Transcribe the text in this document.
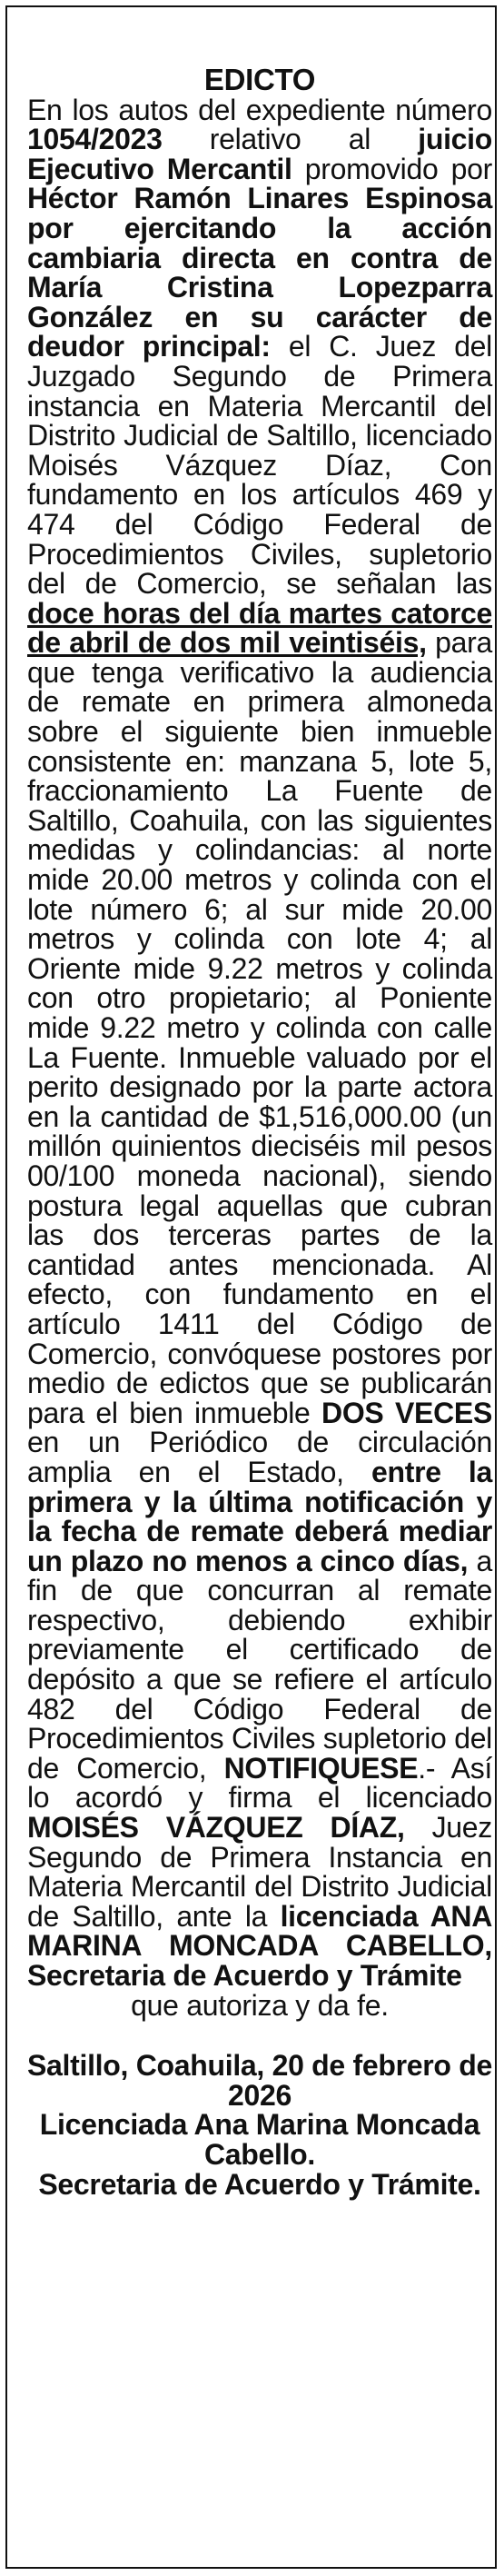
EDICTO

En los autos del expediente número 1054/2023 relativo al juicio Ejecutivo Mercantil promovido por Héctor Ramón Linares Espinosa por ejercitando la acción cambiaria directa en contra de María Cristina Lopezparra González en su carácter de deudor principal: el C. Juez del Juzgado Segundo de Primera instancia en Materia Mercantil del Distrito Judicial de Saltillo, licenciado Moisés Vázquez Díaz, Con fundamento en los artículos 469 y 474 del Código Federal de Procedimientos Civiles, supletorio del de Comercio, se señalan las doce horas del día martes catorce de abril de dos mil veintiséis, para que tenga verificativo la audiencia de remate en primera almoneda sobre el siguiente bien inmueble consistente en: manzana 5, lote 5, fraccionamiento La Fuente de Saltillo, Coahuila, con las siguientes medidas y colindancias: al norte mide 20.00 metros y colinda con el lote número 6; al sur mide 20.00 metros y colinda con lote 4; al Oriente mide 9.22 metros y colinda con otro propietario; al Poniente mide 9.22 metro y colinda con calle La Fuente. Inmueble valuado por el perito designado por la parte actora en la cantidad de $1,516,000.00 (un millón quinientos dieciséis mil pesos 00/100 moneda nacional), siendo postura legal aquellas que cubran las dos terceras partes de la cantidad antes mencionada. Al efecto, con fundamento en el artículo 1411 del Código de Comercio, convóquese postores por medio de edictos que se publicarán para el bien inmueble DOS VECES en un Periódico de circulación amplia en el Estado, entre la primera y la última notificación y la fecha de remate deberá mediar un plazo no menos a cinco días, a fin de que concurran al remate respectivo, debiendo exhibir previamente el certificado de depósito a que se refiere el artículo 482 del Código Federal de Procedimientos Civiles supletorio del de Comercio, NOTIFIQUESE.- Así lo acordó y firma el licenciado MOISÉS VÁZQUEZ DÍAZ, Juez Segundo de Primera Instancia en Materia Mercantil del Distrito Judicial de Saltillo, ante la licenciada ANA MARINA MONCADA CABELLO, Secretaria de Acuerdo y Trámite

que autoriza y da fe.

Saltillo, Coahuila, 20 de febrero de 2026

Licenciada Ana Marina Moncada Cabello.

Secretaria de Acuerdo y Trámite.
